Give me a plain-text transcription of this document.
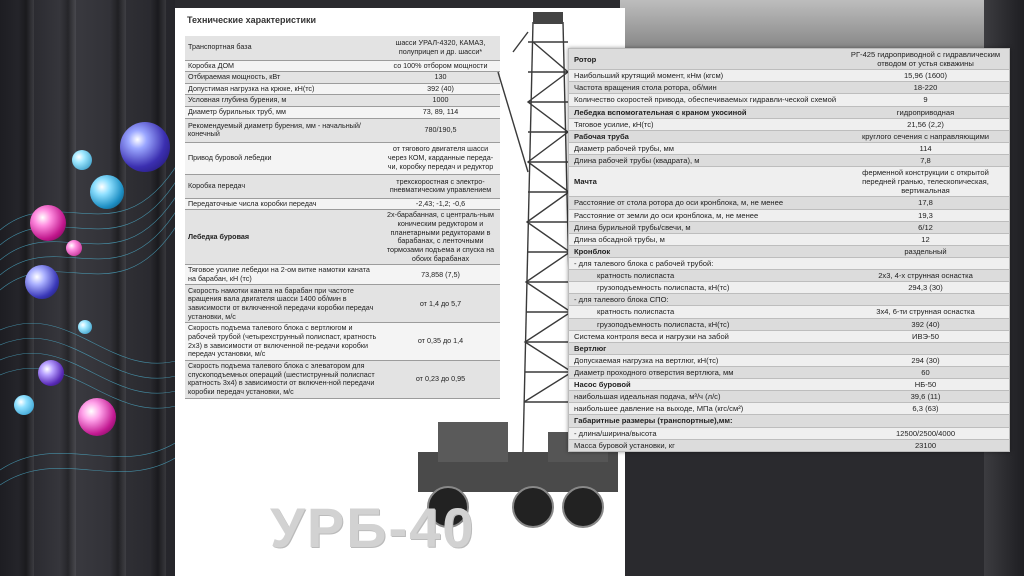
Технические характеристики
Транспортная база	шасси УРАЛ-4320, КАМАЗ, полуприцеп и др. шасси*
Коробка ДОМ	со 100% отбором мощности
Отбираемая мощность, кВт	130
Допустимая нагрузка на крюке, кН(тс)	392 (40)
Условная глубина бурения, м	1000
Диаметр бурильных труб, мм	73, 89, 114
Рекомендуемый диаметр бурения, мм - начальный/конечный	780/190,5
Привод буровой лебедки	от тягового двигателя шасси через КОМ, карданные переда-чи, коробку передач и редуктор
Коробка передач	трехскоростная с электро-пневматическим управлением
Передаточные числа коробки передач	-2,43; -1,2; -0,6
Лебедка буровая	2х-барабанная, с централь-ным коническим редуктором и планетарными редукторами в барабанах, с ленточными тормозами подъема и спуска на обоих барабанах
Тяговое усилие лебедки на 2-ом витке намотки каната на барабан, кН (тс)	73,858 (7,5)
Скорость намотки каната на барабан при частоте вращения вала двигателя шасси 1400 об/мин в зависимости от включенной передачи коробки передач установки, м/с	от 1,4 до 5,7
Скорость подъема талевого блока с вертлюгом и рабочей трубой (четырехструнный полиспаст, кратность 2х3) в зависимости от включенной пе-редачи коробки передач установки, м/с	от 0,35 до 1,4
Скорость подъема талевого блока с элеватором для спускоподъемных операций (шестиструнный полиспаст кратность 3х4) в зависимости от включен-ной передачи коробки передач установки, м/с	от 0,23 до 0,95
УРБ-40
Ротор	РГ-425 гидроприводной с гидравлическим отводом от устья скважины
Наибольший крутящий момент, кНм (кгсм)	15,96 (1600)
Частота вращения стола ротора, об/мин	18-220
Количество скоростей привода, обеспечиваемых гидравли-ческой схемой	9
Лебедка вспомогательная с краном укосиной	гидроприводная
Тяговое усилие, кН(тс)	21,56 (2,2)
Рабочая труба	круглого сечения с направляющими
Диаметр рабочей трубы, мм	114
Длина рабочей трубы (квадрата), м	7,8
Мачта	ферменной конструкции с открытой передней гранью, телескопическая, вертикальная
Расстояние от стола ротора до оси кронблока, м, не менее	17,8
Расстояние от земли до оси кронблока, м, не менее	19,3
Длина бурильной трубы/свечи, м	6/12
Длина обсадной трубы, м	12
Кронблок	раздельный
- для талевого блока с рабочей трубой:	
кратность полиспаста	2х3, 4-х струнная оснастка
грузоподъемность полиспаста, кН(тс)	294,3 (30)
- для талевого блока СПО:	
кратность полиспаста	3х4, 6-ти струнная оснастка
грузоподъемность полиспаста, кН(тс)	392 (40)
Система контроля веса и нагрузки на забой	ИВЭ-50
Вертлюг	
Допускаемая нагрузка на вертлюг, кН(тс)	294 (30)
Диаметр проходного отверстия вертлюга, мм	60
Насос буровой	НБ-50
наибольшая идеальная подача, м³/ч (л/с)	39,6 (11)
наибольшее давление на выходе, МПа (кгс/см²)	6,3 (63)
Габаритные размеры (транспортные),мм:	
- длина/ширина/высота	12500/2500/4000
Масса буровой установки, кг	23100
